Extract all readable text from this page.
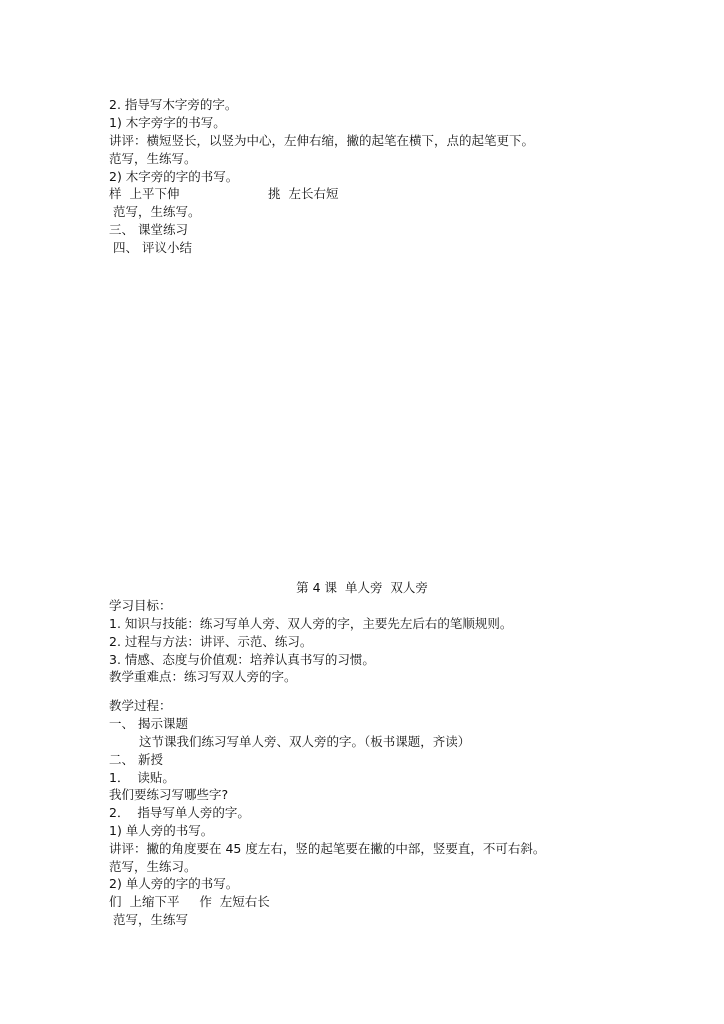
2. 指导写木字旁的字。
1) 木字旁字的书写。
讲评：横短竖长，以竖为中心，左伸右缩，撇的起笔在横下，点的起笔更下。
范写，生练写。
2) 木字旁的字的书写。
样  上平下伸	挑  左长右短
范写，生练写。
三、 课堂练习
四、 评议小结
第 4 课  单人旁  双人旁
学习目标：
1. 知识与技能：练习写单人旁、双人旁的字，主要先左后右的笔顺规则。
2. 过程与方法：讲评、示范、练习。
3. 情感、态度与价值观：培养认真书写的习惯。
教学重难点：练习写双人旁的字。
教学过程：
一、 揭示课题
这节课我们练习写单人旁、双人旁的字。（板书课题，齐读）
二、 新授
1．  读贴。
我们要练习写哪些字?
2．  指导写单人旁的字。
1) 单人旁的书写。
讲评：撇的角度要在 45 度左右，竖的起笔要在撇的中部，竖要直，不可右斜。
范写，生练习。
2) 单人旁的字的书写。
们  上缩下平     作  左短右长
范写，生练写
